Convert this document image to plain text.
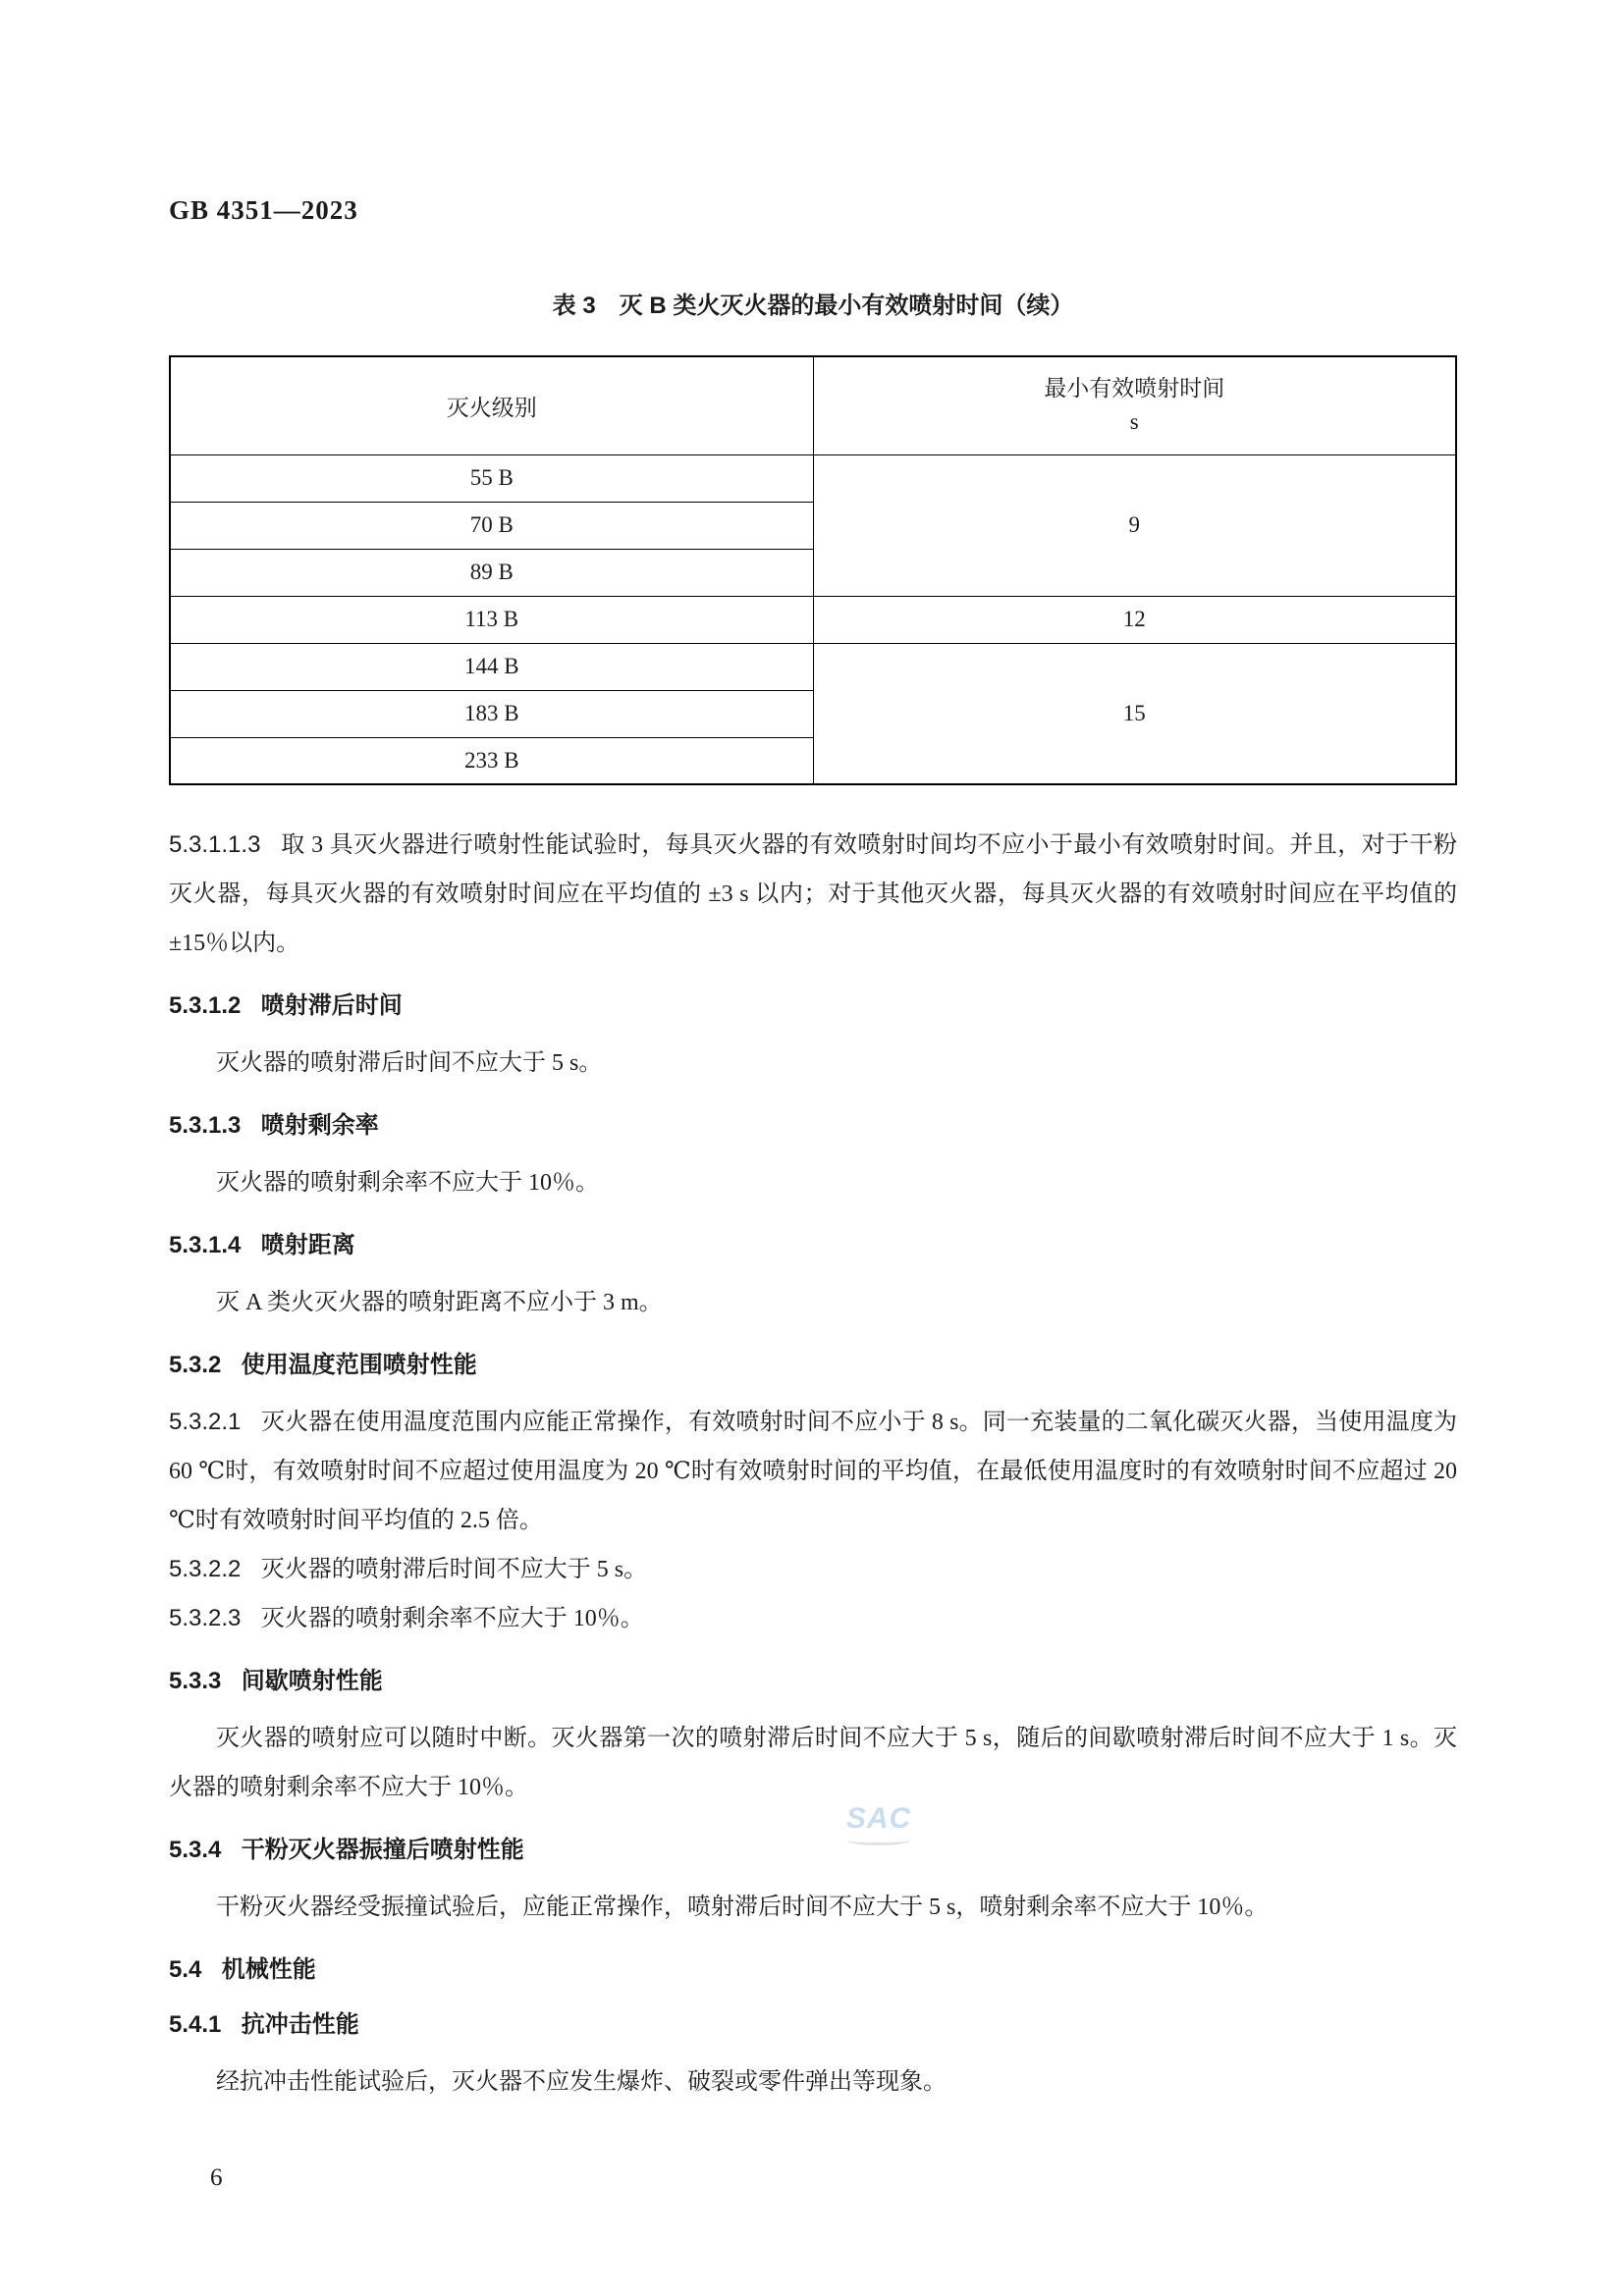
SAC
GB 4351—2023
表 3　灭 B 类火灭火器的最小有效喷射时间（续）
灭火级别	最小有效喷射时间
s

55 B	9
70 B	
89 B	
113 B	12
144 B	15
183 B	
233 B	

5.3.1.1.3 取 3 具灭火器进行喷射性能试验时，每具灭火器的有效喷射时间均不应小于最小有效喷射时间。并且，对于干粉灭火器，每具灭火器的有效喷射时间应在平均值的 ±3 s 以内；对于其他灭火器，每具灭火器的有效喷射时间应在平均值的 ±15％以内。

5.3.1.2 喷射滞后时间

灭火器的喷射滞后时间不应大于 5 s。

5.3.1.3 喷射剩余率

灭火器的喷射剩余率不应大于 10％。

5.3.1.4 喷射距离

灭 A 类火灭火器的喷射距离不应小于 3 m。

5.3.2 使用温度范围喷射性能

5.3.2.1 灭火器在使用温度范围内应能正常操作，有效喷射时间不应小于 8 s。同一充装量的二氧化碳灭火器，当使用温度为 60 ℃时，有效喷射时间不应超过使用温度为 20 ℃时有效喷射时间的平均值，在最低使用温度时的有效喷射时间不应超过 20 ℃时有效喷射时间平均值的 2.5 倍。

5.3.2.2 灭火器的喷射滞后时间不应大于 5 s。

5.3.2.3 灭火器的喷射剩余率不应大于 10％。

5.3.3 间歇喷射性能

灭火器的喷射应可以随时中断。灭火器第一次的喷射滞后时间不应大于 5 s，随后的间歇喷射滞后时间不应大于 1 s。灭火器的喷射剩余率不应大于 10％。

5.3.4 干粉灭火器振撞后喷射性能

干粉灭火器经受振撞试验后，应能正常操作，喷射滞后时间不应大于 5 s，喷射剩余率不应大于 10％。

5.4 机械性能
5.4.1 抗冲击性能

经抗冲击性能试验后，灭火器不应发生爆炸、破裂或零件弹出等现象。

6
